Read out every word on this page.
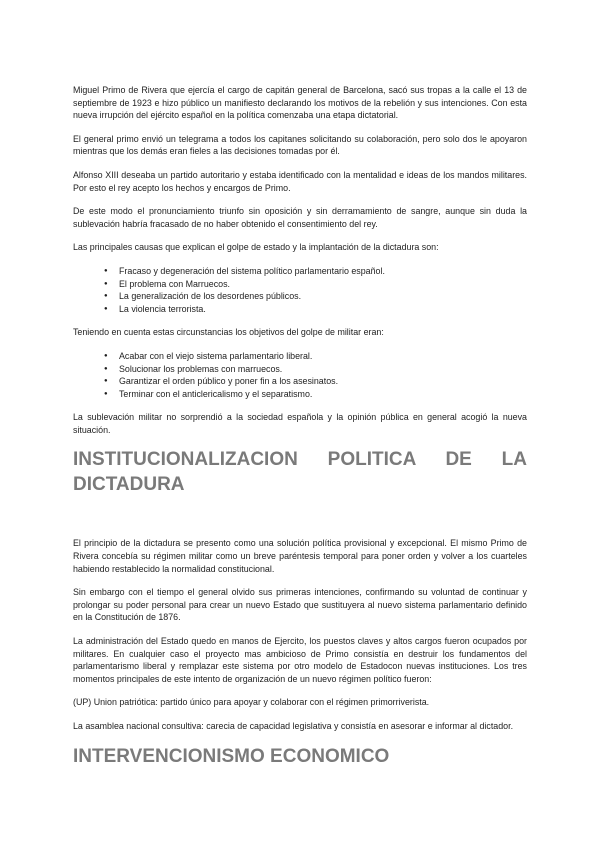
Miguel Primo de Rivera que ejercía el cargo de capitán general de Barcelona, sacó sus tropas a la calle el 13 de septiembre de 1923 e hizo público un manifiesto declarando los motivos de la rebelión y sus intenciones. Con esta nueva irrupción del ejército español en la política comenzaba una etapa dictatorial.

El general primo envió un telegrama a todos los capitanes solicitando su colaboración, pero solo dos le apoyaron mientras que los demás eran fieles a las decisiones tomadas por él.

Alfonso XIII deseaba un partido autoritario y estaba identificado con la mentalidad e ideas de los mandos militares. Por esto el rey acepto los hechos y encargos de Primo.

De este modo el pronunciamiento triunfo sin oposición y sin derramamiento de sangre, aunque sin duda la sublevación habría fracasado de no haber obtenido el consentimiento del rey.

Las principales causas que explican el golpe de estado y la implantación de la dictadura son:

● Fracaso y degeneración del sistema político parlamentario español.
● El problema con Marruecos.
● La generalización de los desordenes públicos.
● La violencia terrorista.

Teniendo en cuenta estas circunstancias los objetivos del golpe de militar eran:

● Acabar con el viejo sistema parlamentario liberal.
● Solucionar los problemas con marruecos.
● Garantizar el orden público y poner fin a los asesinatos.
● Terminar con el anticlericalismo y el separatismo.

La sublevación militar no sorprendió a la sociedad española y la opinión pública en general acogió la nueva situación.

INSTITUCIONALIZACION POLITICA DE LA
DICTADURA

El principio de la dictadura se presento como una solución política provisional y excepcional. El mismo Primo de Rivera concebía su régimen militar como un breve paréntesis temporal para poner orden y volver a los cuarteles habiendo restablecido la normalidad constitucional.

Sin embargo con el tiempo el general olvido sus primeras intenciones, confirmando su voluntad de continuar y prolongar su poder personal para crear un nuevo Estado que sustituyera al nuevo sistema parlamentario definido en la Constitución de 1876.

La administración del Estado quedo en manos de Ejercito, los puestos claves y altos cargos fueron ocupados por militares. En cualquier caso el proyecto mas ambicioso de Primo consistía en destruir los fundamentos del parlamentarismo liberal y remplazar este sistema por otro modelo de Estadocon nuevas instituciones. Los tres momentos principales de este intento de organización de un nuevo régimen político fueron:

(UP) Union patriótica: partido único para apoyar y colaborar con el régimen primorriverista.

La asamblea nacional consultiva: carecia de capacidad legislativa y consistía en asesorar e informar al dictador.

INTERVENCIONISMO ECONOMICO
